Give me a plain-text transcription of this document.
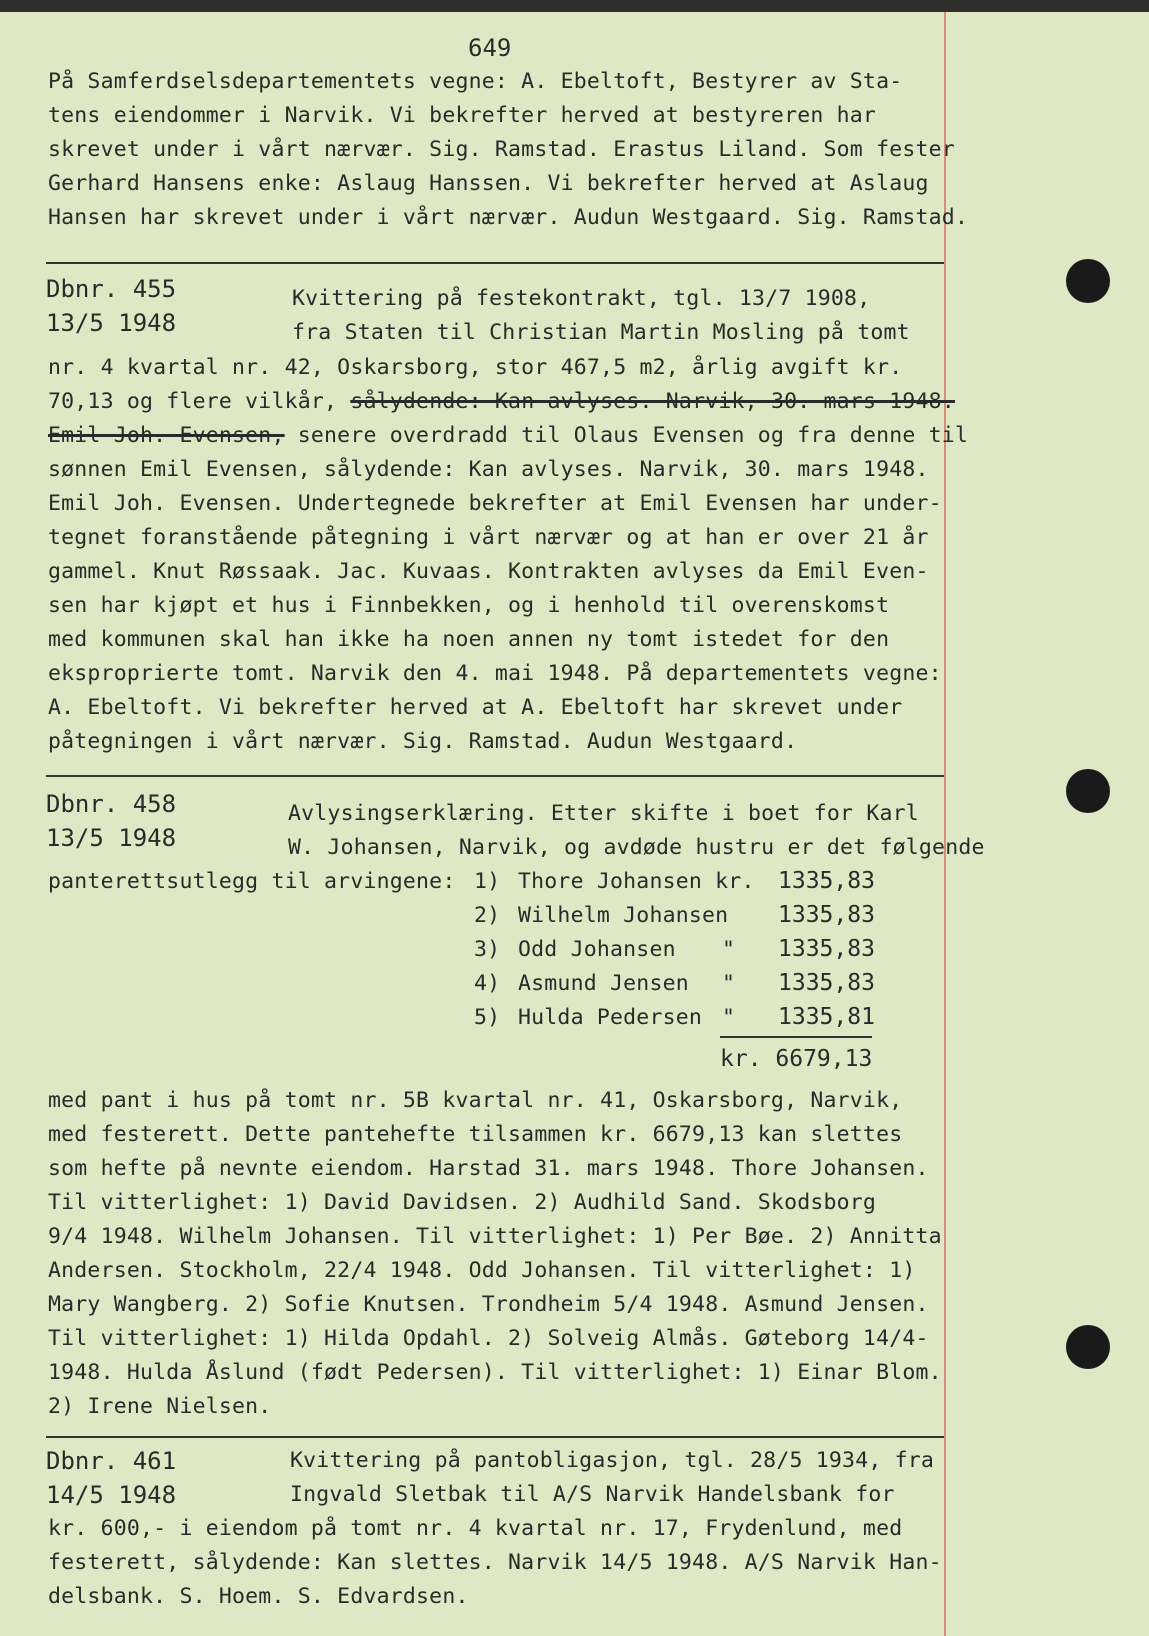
649
På Samferdselsdepartementets vegne: A. Ebeltoft, Bestyrer av Sta-
tens eiendommer i Narvik. Vi bekrefter herved at bestyreren har
skrevet under i vårt nærvær. Sig. Ramstad. Erastus Liland. Som fester
Gerhard Hansens enke: Aslaug Hanssen. Vi bekrefter herved at Aslaug
Hansen har skrevet under i vårt nærvær. Audun Westgaard. Sig. Ramstad.
Dbnr. 455
13/5 1948
Kvittering på festekontrakt, tgl. 13/7 1908,
fra Staten til Christian Martin Mosling på tomt
nr. 4 kvartal nr. 42, Oskarsborg, stor 467,5 m2, årlig avgift kr.
70,13 og flere vilkår, sålydende: Kan avlyses. Narvik, 30. mars 1948.
Emil Joh. Evensen, senere overdradd til Olaus Evensen og fra denne til
sønnen Emil Evensen, sålydende: Kan avlyses. Narvik, 30. mars 1948.
Emil Joh. Evensen. Undertegnede bekrefter at Emil Evensen har under-
tegnet foranstående påtegning i vårt nærvær og at han er over 21 år
gammel. Knut Røssaak. Jac. Kuvaas. Kontrakten avlyses da Emil Even-
sen har kjøpt et hus i Finnbekken, og i henhold til overenskomst
med kommunen skal han ikke ha noen annen ny tomt istedet for den
eksproprierte tomt. Narvik den 4. mai 1948. På departementets vegne:
A. Ebeltoft. Vi bekrefter herved at A. Ebeltoft har skrevet under
påtegningen i vårt nærvær. Sig. Ramstad. Audun Westgaard.
Dbnr. 458
13/5 1948
Avlysingserklæring. Etter skifte i boet for Karl
W. Johansen, Narvik, og avdøde hustru er det følgende
panterettsutlegg til arvingene: 1) Thore Johansen kr. 1335,83
2) Wilhelm Johansen 1335,83
3) Odd Johansen " 1335,83
4) Asmund Jensen " 1335,83
5) Hulda Pedersen " 1335,81
kr. 6679,13
med pant i hus på tomt nr. 5B kvartal nr. 41, Oskarsborg, Narvik,
med festerett. Dette pantehefte tilsammen kr. 6679,13 kan slettes
som hefte på nevnte eiendom. Harstad 31. mars 1948. Thore Johansen.
Til vitterlighet: 1) David Davidsen. 2) Audhild Sand. Skodsborg
9/4 1948. Wilhelm Johansen. Til vitterlighet: 1) Per Bøe. 2) Annitta
Andersen. Stockholm, 22/4 1948. Odd Johansen. Til vitterlighet: 1)
Mary Wangberg. 2) Sofie Knutsen. Trondheim 5/4 1948. Asmund Jensen.
Til vitterlighet: 1) Hilda Opdahl. 2) Solveig Almås. Gøteborg 14/4-
1948. Hulda Åslund (født Pedersen). Til vitterlighet: 1) Einar Blom.
2) Irene Nielsen.
Dbnr. 461
14/5 1948
Kvittering på pantobligasjon, tgl. 28/5 1934, fra
Ingvald Sletbak til A/S Narvik Handelsbank for
kr. 600,- i eiendom på tomt nr. 4 kvartal nr. 17, Frydenlund, med
festerett, sålydende: Kan slettes. Narvik 14/5 1948. A/S Narvik Han-
delsbank. S. Hoem. S. Edvardsen.
